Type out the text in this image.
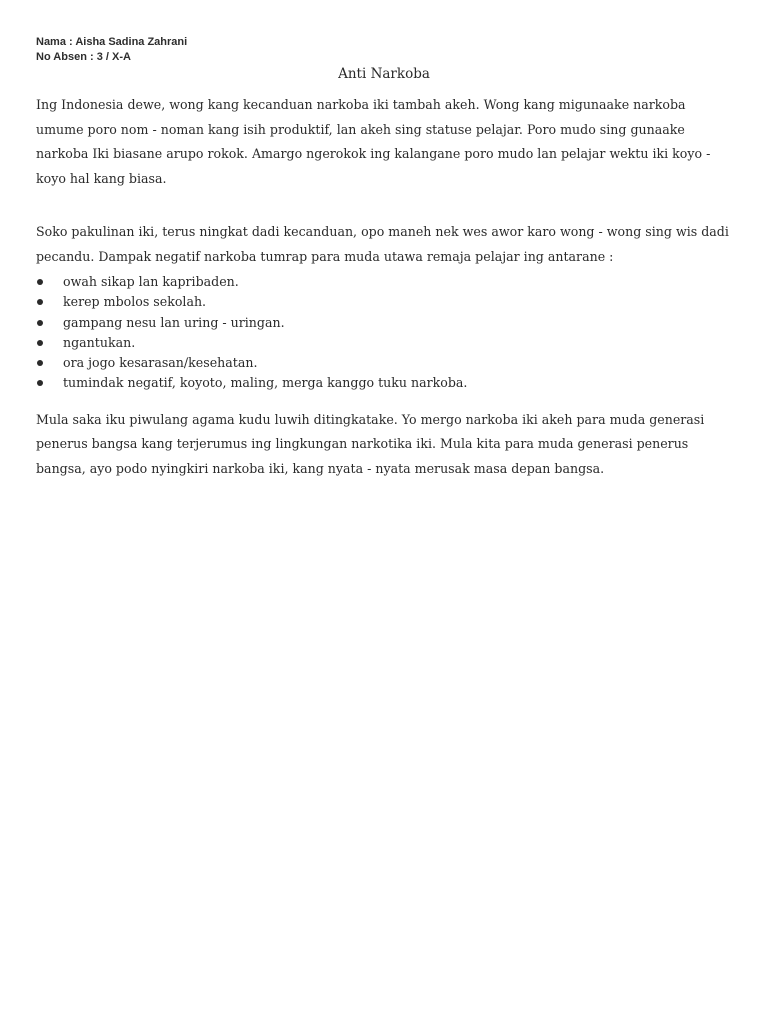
Nama : Aisha Sadina Zahrani
No Absen : 3 / X-A
Anti Narkoba

Ing Indonesia dewe, wong kang kecanduan narkoba iki tambah akeh. Wong kang migunaake narkoba umume poro nom - noman kang isih produktif, lan akeh sing statuse pelajar. Poro mudo sing gunaake narkoba Iki biasane arupo rokok. Amargo ngerokok ing kalangane poro mudo lan pelajar wektu iki koyo - koyo hal kang biasa.

Soko pakulinan iki, terus ningkat dadi kecanduan, opo maneh nek wes awor karo wong - wong sing wis dadi pecandu. Dampak negatif narkoba tumrap para muda utawa remaja pelajar ing antarane :

owah sikap lan kapribaden.
kerep mbolos sekolah.
gampang nesu lan uring - uringan.
ngantukan.
ora jogo kesarasan/kesehatan.
tumindak negatif, koyoto, maling, merga kanggo tuku narkoba.

Mula saka iku piwulang agama kudu luwih ditingkatake. Yo mergo narkoba iki akeh para muda generasi penerus bangsa kang terjerumus ing lingkungan narkotika iki. Mula kita para muda generasi penerus bangsa, ayo podo nyingkiri narkoba iki, kang nyata - nyata merusak masa depan bangsa.
